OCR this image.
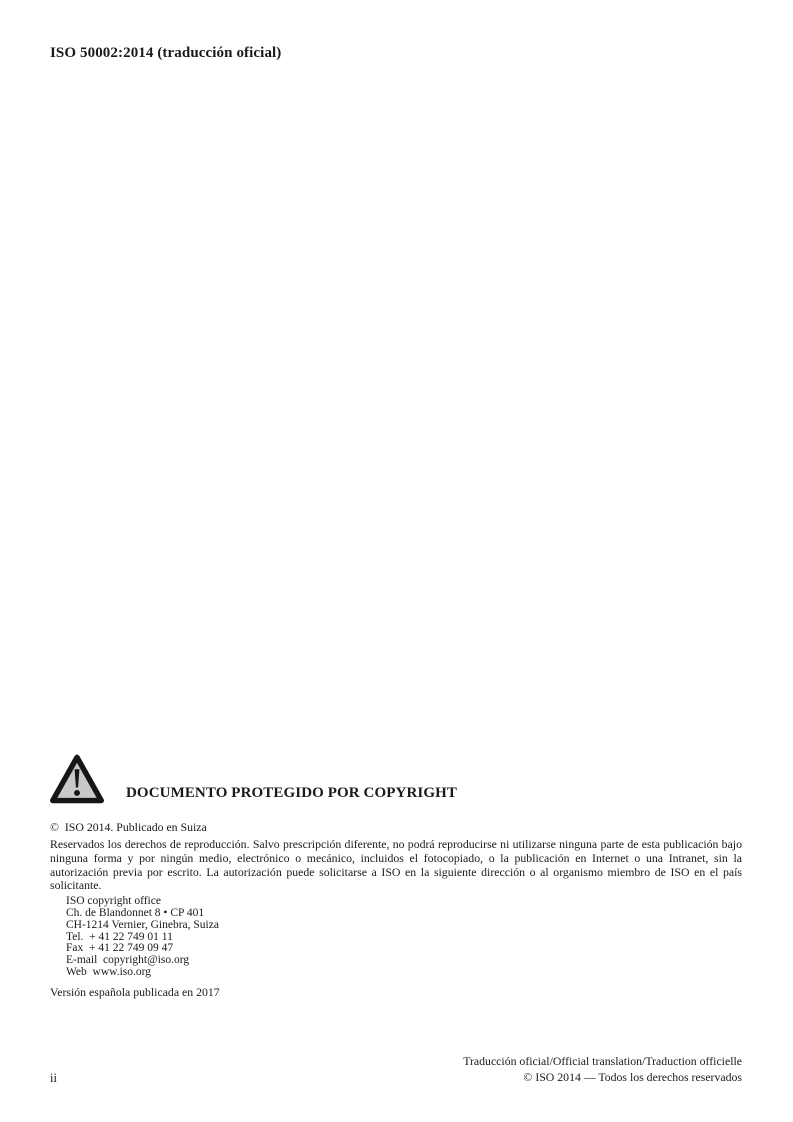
ISO 50002:2014 (traducción oficial)
DOCUMENTO PROTEGIDO POR COPYRIGHT

©  ISO 2014. Publicado en Suiza

Reservados los derechos de reproducción. Salvo prescripción diferente, no podrá reproducirse ni utilizarse ninguna parte de esta publicación bajo ninguna forma y por ningún medio, electrónico o mecánico, incluidos el fotocopiado, o la publicación en Internet o una Intranet, sin la autorización previa por escrito. La autorización puede solicitarse a ISO en la siguiente dirección o al organismo miembro de ISO en el país solicitante.

ISO copyright office
Ch. de Blandonnet 8 • CP 401
CH-1214 Vernier, Ginebra, Suiza
Tel.  + 41 22 749 01 11
Fax  + 41 22 749 09 47
E-mail  copyright@iso.org
Web  www.iso.org

Versión española publicada en 2017

Traducción oficial/Official translation/Traduction officielle
© ISO 2014 — Todos los derechos reservados
ii
